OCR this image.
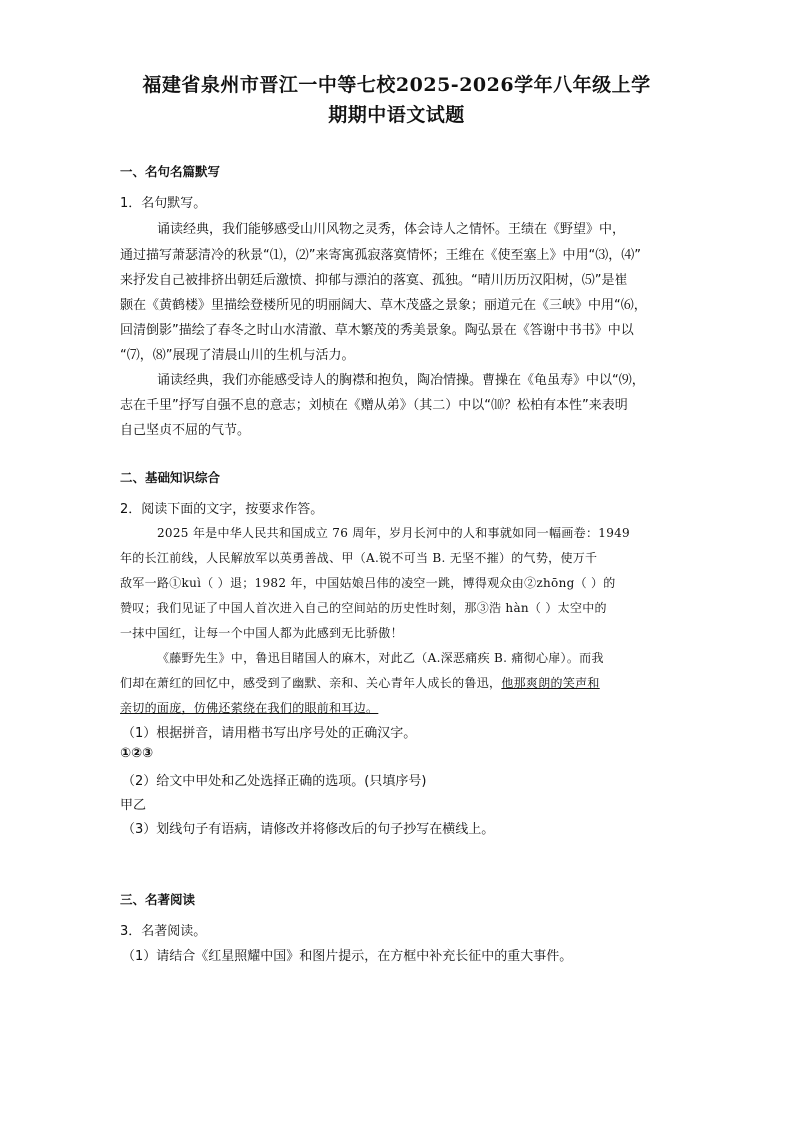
福建省泉州市晋江一中等七校2025-2026学年八年级上学
期期中语文试题
一、名句名篇默写
1．名句默写。
诵读经典，我们能够感受山川风物之灵秀，体会诗人之情怀。王绩在《野望》中，
通过描写萧瑟清冷的秋景“⑴，⑵”来寄寓孤寂落寞情怀；王维在《使至塞上》中用“⑶，⑷”
来抒发自己被排挤出朝廷后激愤、抑郁与漂泊的落寞、孤独。“晴川历历汉阳树，⑸”是崔
颢在《黄鹤楼》里描绘登楼所见的明丽阔大、草木茂盛之景象；丽道元在《三峡》中用“⑹，
回清倒影”描绘了春冬之时山水清澈、草木繁茂的秀美景象。陶弘景在《答谢中书书》中以
“⑺，⑻”展现了清晨山川的生机与活力。
诵读经典，我们亦能感受诗人的胸襟和抱负，陶冶情操。曹操在《龟虽寿》中以“⑼，
志在千里”抒写自强不息的意志；刘桢在《赠从弟》（其二）中以“⑽？松柏有本性”来表明
自己坚贞不屈的气节。
二、基础知识综合
2．阅读下面的文字，按要求作答。
2025 年是中华人民共和国成立 76 周年，岁月长河中的人和事就如同一幅画卷：1949
年的长江前线，人民解放军以英勇善战、甲（A.锐不可当 B. 无坚不摧）的气势，使万千
敌军一路①kuì（ ）退；1982 年，中国姑娘吕伟的凌空一跳，博得观众由②zhōng（ ）的
赞叹；我们见证了中国人首次进入自己的空间站的历史性时刻，那③浩 hàn（ ）太空中的
一抹中国红，让每一个中国人都为此感到无比骄傲！
《藤野先生》中，鲁迅目睹国人的麻木，对此乙（A.深恶痛疾 B. 痛彻心扉）。而我
们却在萧红的回忆中，感受到了幽默、亲和、关心青年人成长的鲁迅，他那爽朗的笑声和
亲切的面庞，仿佛还萦绕在我们的眼前和耳边。
（1）根据拼音，请用楷书写出序号处的正确汉字。
①②③
（2）给文中甲处和乙处选择正确的选项。(只填序号)
甲乙
（3）划线句子有语病，请修改并将修改后的句子抄写在横线上。
三、名著阅读
3．名著阅读。
（1）请结合《红星照耀中国》和图片提示，在方框中补充长征中的重大事件。
